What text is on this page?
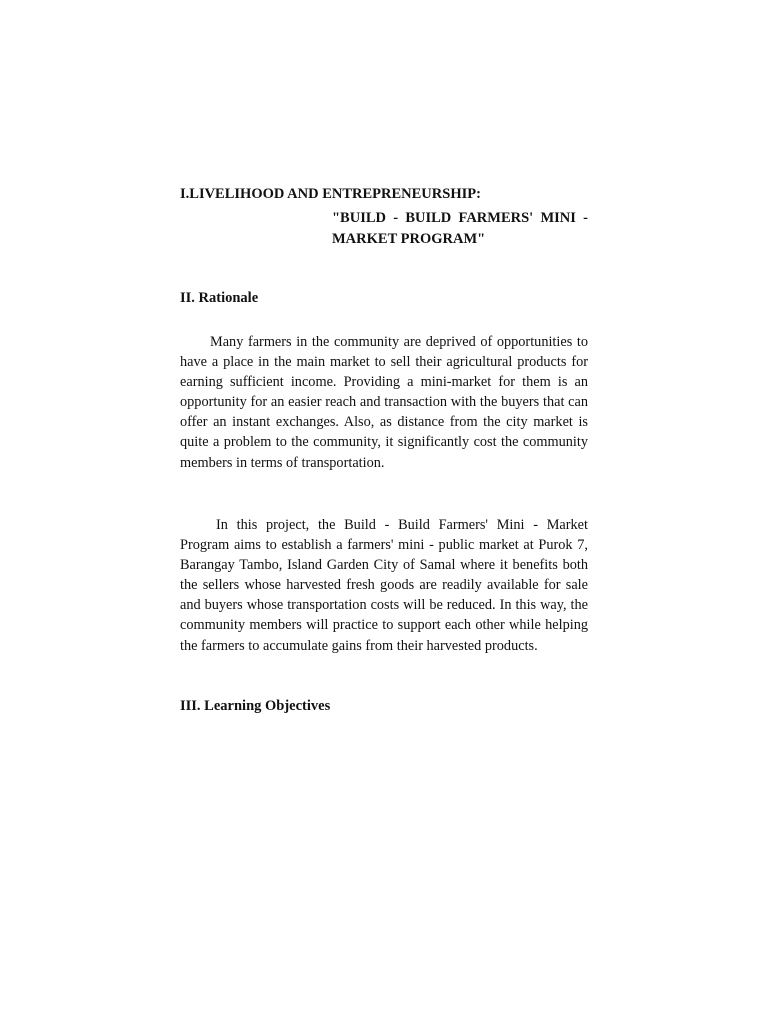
I.LIVELIHOOD AND ENTREPRENEURSHIP:
"BUILD - BUILD FARMERS' MINI -
MARKET PROGRAM"
II. Rationale

Many farmers in the community are deprived of opportunities to have a place in the main market to sell their agricultural products for earning sufficient income. Providing a mini-market for them is an opportunity for an easier reach and transaction with the buyers that can offer an instant exchanges. Also, as distance from the city market is quite a problem to the community, it significantly cost the community members in terms of transportation.

In this project, the Build - Build Farmers' Mini - Market Program aims to establish a farmers' mini - public market at Purok 7, Barangay Tambo, Island Garden City of Samal where it benefits both the sellers whose harvested fresh goods are readily available for sale and buyers whose transportation costs will be reduced. In this way, the community members will practice to support each other while helping the farmers to accumulate gains from their harvested products.

III. Learning Objectives
